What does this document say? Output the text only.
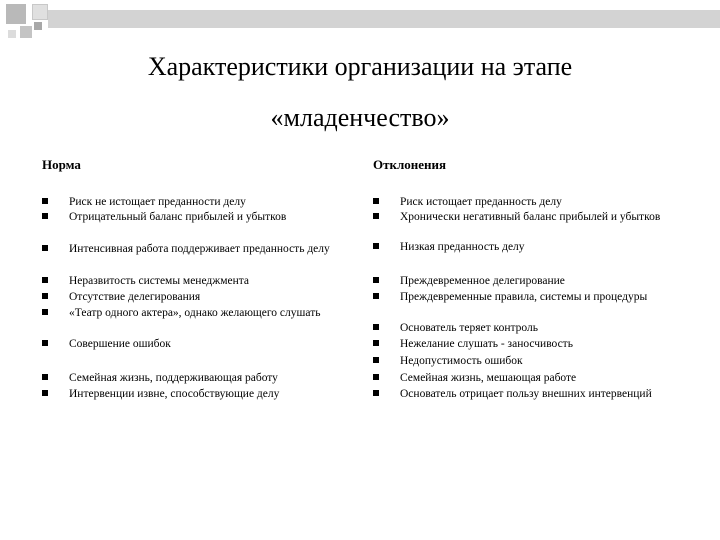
Характеристики организации на этапе
«младенчество»
Норма	Отклонения
Риск не истощает преданности делу
Отрицательный баланс прибылей и убытков
Интенсивная работа поддерживает преданность делу
Неразвитость системы менеджмента
Отсутствие делегирования
«Театр одного актера», однако желающего слушать
Совершение ошибок
Семейная жизнь, поддерживающая работу
Интервенции извне, способствующие делу
Риск истощает преданность делу
Хронически негативный баланс прибылей и убытков
Низкая преданность делу
Преждевременное делегирование
Преждевременные правила, системы и процедуры
Основатель теряет контроль
Нежелание слушать - заносчивость
Недопустимость ошибок
Семейная жизнь, мешающая работе
Основатель отрицает пользу внешних интервенций
